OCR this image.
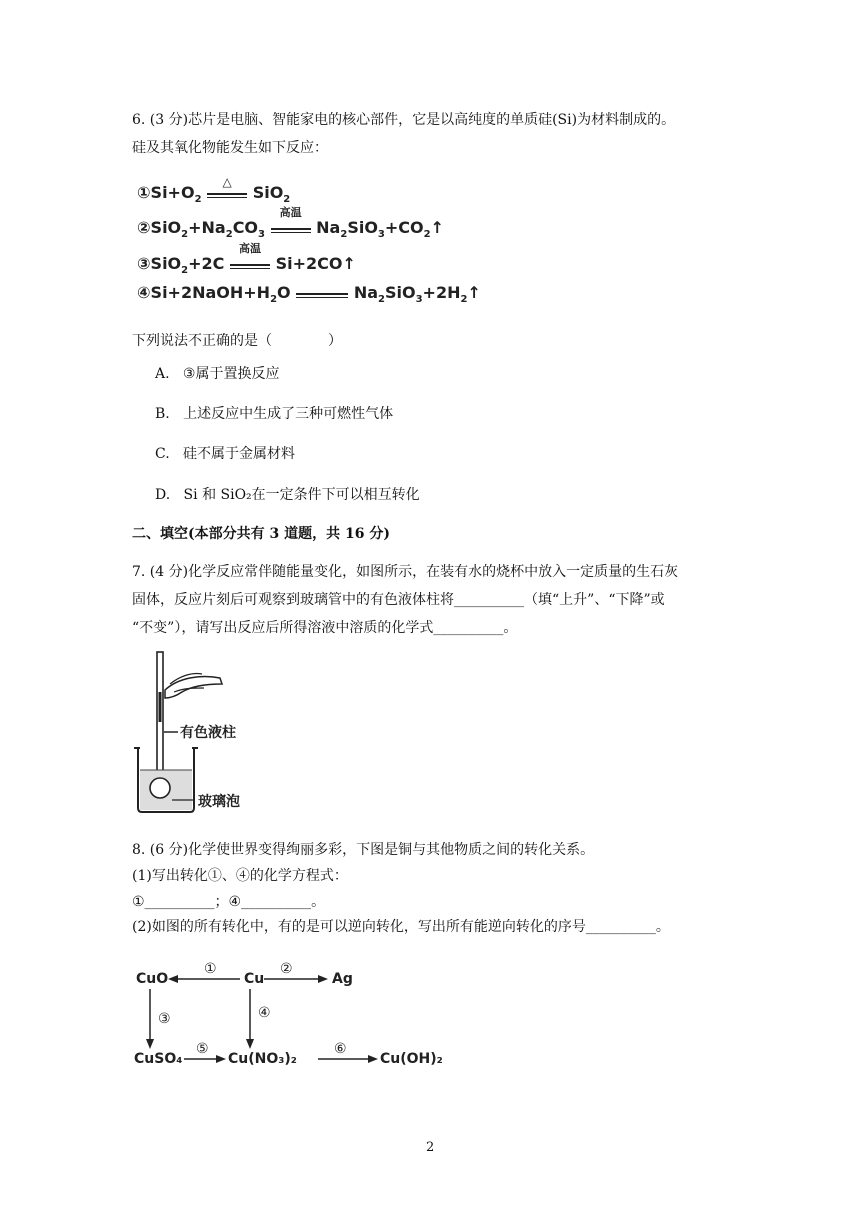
6. (3 分)芯片是电脑、智能家电的核心部件，它是以高纯度的单质硅(Si)为材料制成的。
硅及其氧化物能发生如下反应：
$①Si+O_2$
△
SiO$_2$
$②SiO_2+Na_2CO_3$
高温
$Na_2SiO_3+CO_2↑$
③SiO$_2$+2C
高温
Si+2CO↑
$④Si+2NaOH+H_2O$	$Na_2SiO_3+2H_2↑$
下列说法不正确的是（　　　　）
A. ③属于置换反应
B. 上述反应中生成了三种可燃性气体
C. 硅不属于金属材料
D. Si 和 SiO₂在一定条件下可以相互转化
二、填空(本部分共有 3 道题，共 16 分)
7. (4 分)化学反应常伴随能量变化，如图所示，在装有水的烧杯中放入一定质量的生石灰
固体，反应片刻后可观察到玻璃管中的有色液体柱将__________（填“上升”、“下降”或
“不变”），请写出反应后所得溶液中溶质的化学式__________。
有色液柱
玻璃泡
8. (6 分)化学使世界变得绚丽多彩，下图是铜与其他物质之间的转化关系。
(1)写出转化①、④的化学方程式：
①__________；④__________。
(2)如图的所有转化中，有的是可以逆向转化，写出所有能逆向转化的序号__________。
CuO	Cu	Ag
CuSO₄	Cu(NO₃)₂	Cu(OH)₂
①	②
③	④
⑤	⑥
2
